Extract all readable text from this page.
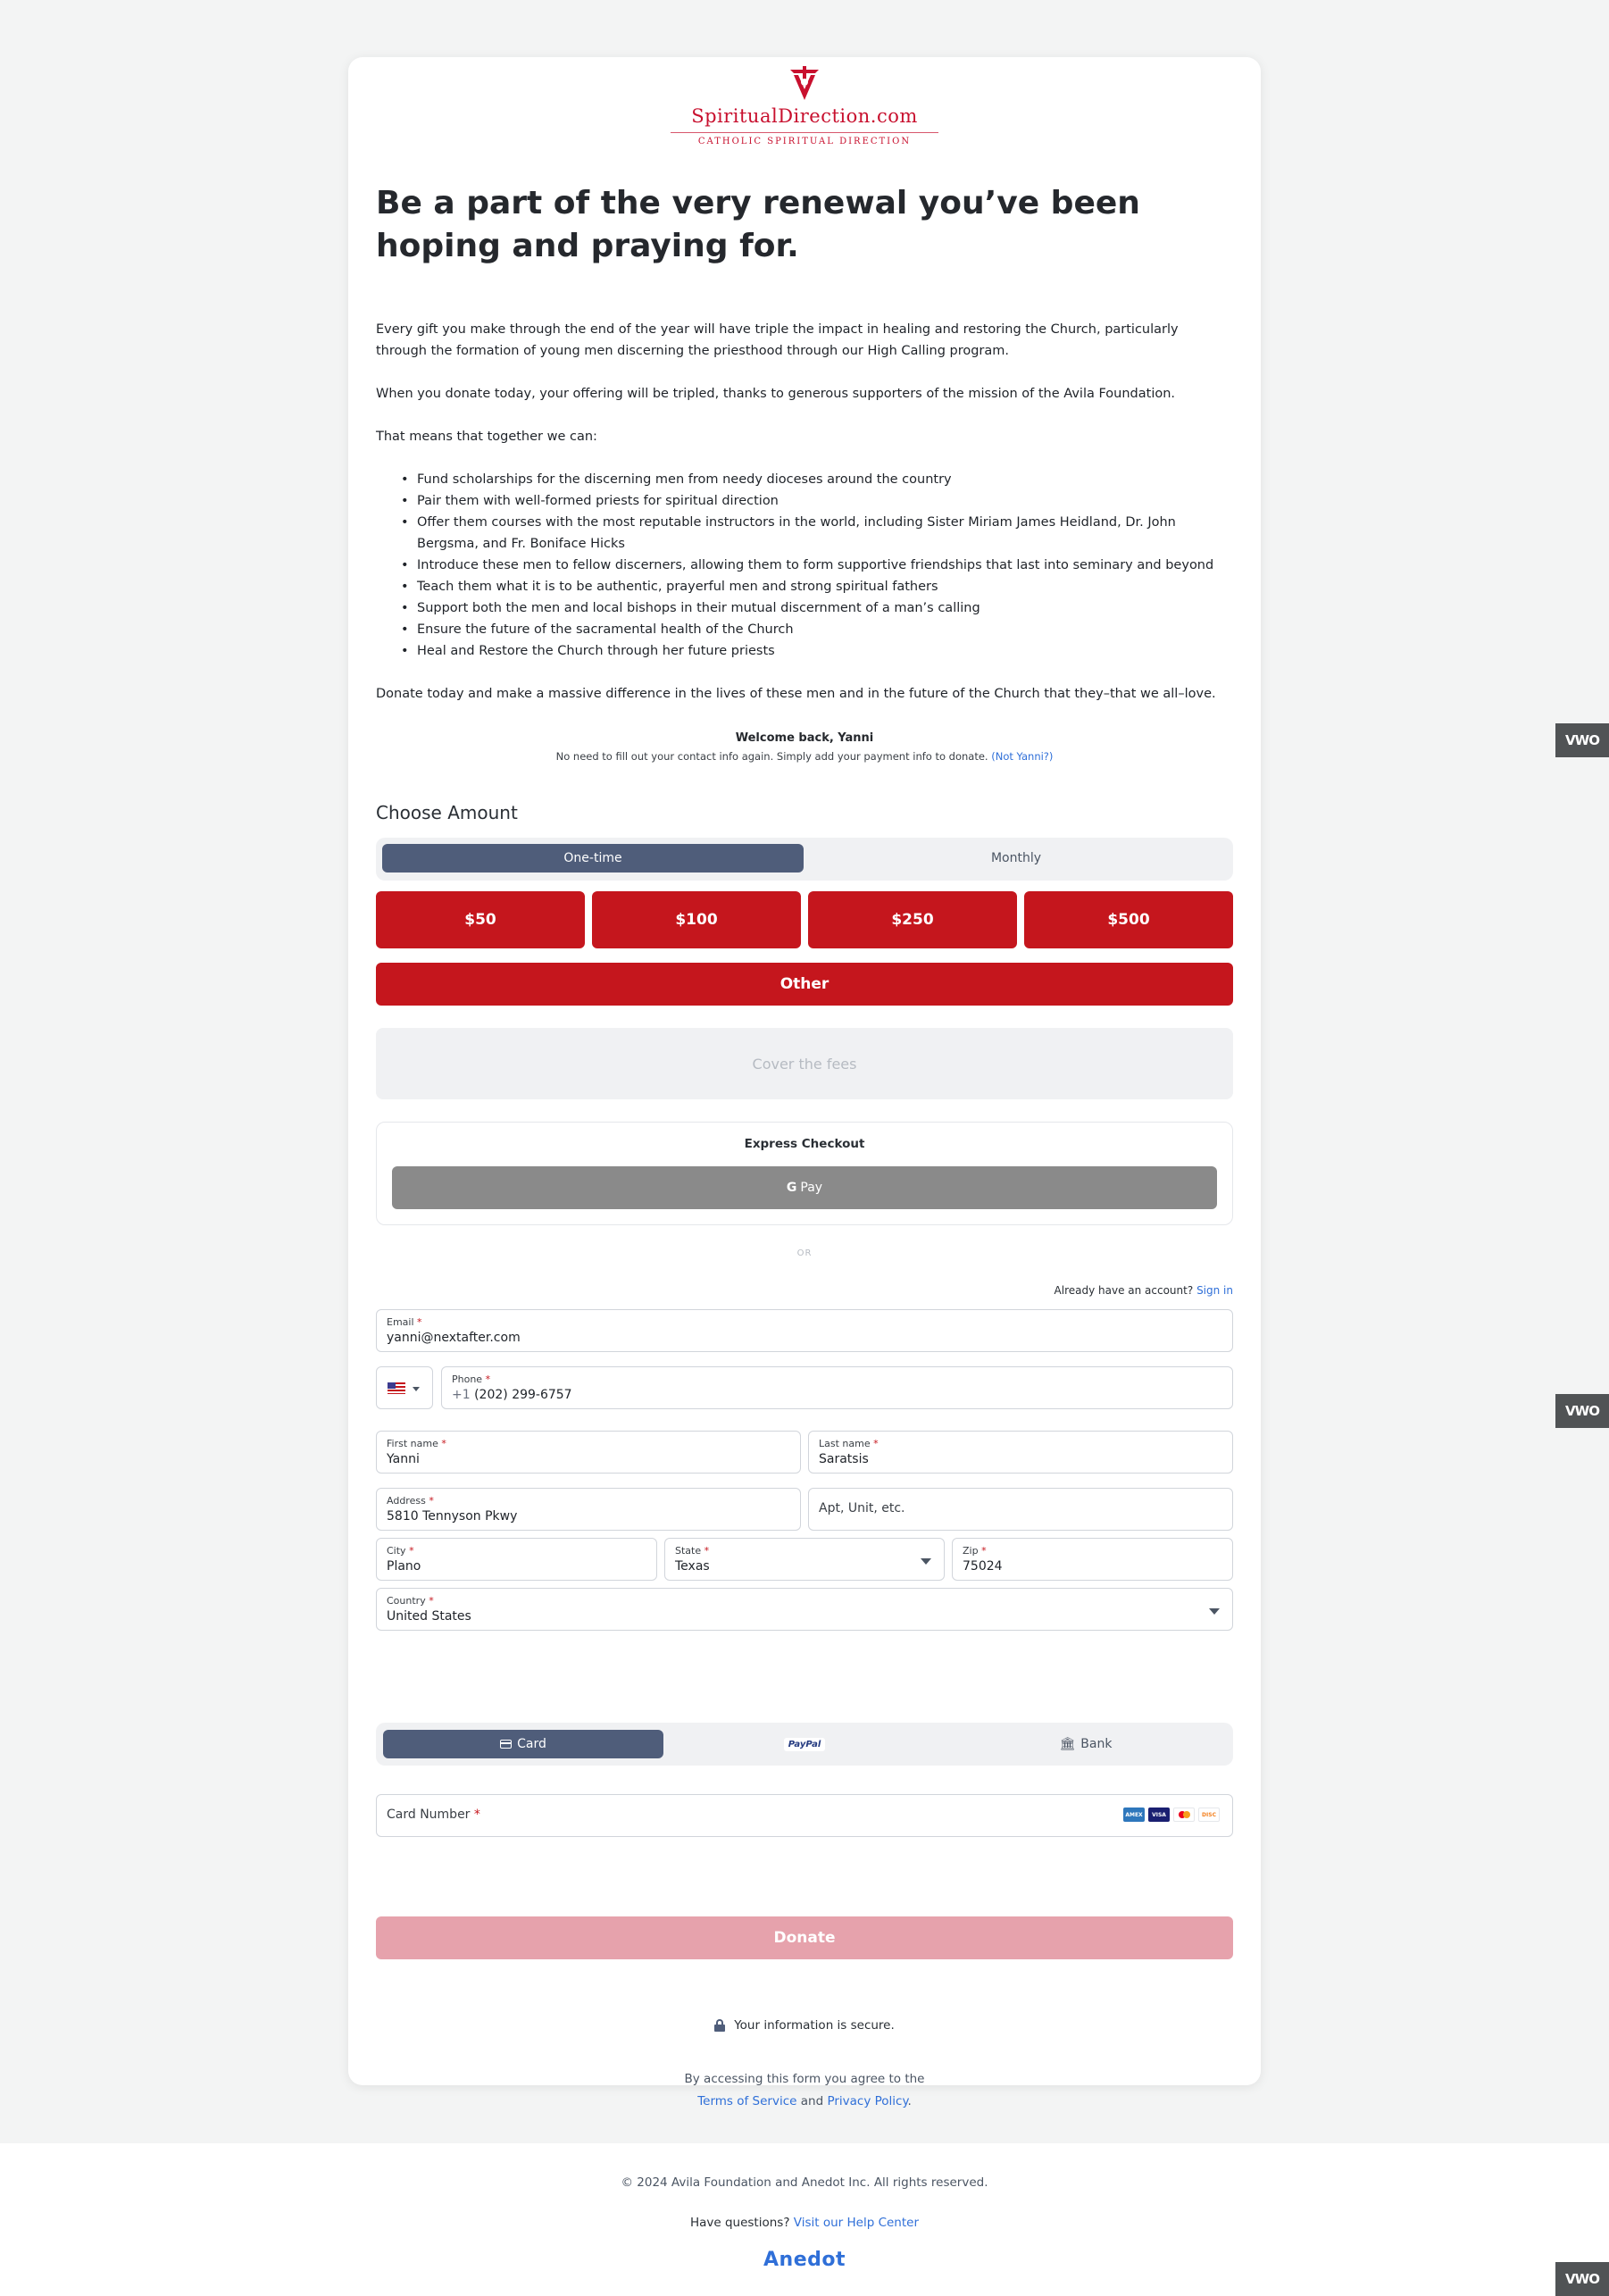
SpiritualDirection.com
CATHOLIC SPIRITUAL DIRECTION
Be a part of the very renewal you’ve been hoping and praying for.

Every gift you make through the end of the year will have triple the impact in healing and restoring the Church, particularly through the formation of young men discerning the priesthood through our High Calling program.

When you donate today, your offering will be tripled, thanks to generous supporters of the mission of the Avila Foundation.

That means that together we can:

• Fund scholarships for the discerning men from needy dioceses around the country
• Pair them with well-formed priests for spiritual direction
• Offer them courses with the most reputable instructors in the world, including Sister Miriam James Heidland, Dr. John Bergsma, and Fr. Boniface Hicks
• Introduce these men to fellow discerners, allowing them to form supportive friendships that last into seminary and beyond
• Teach them what it is to be authentic, prayerful men and strong spiritual fathers
• Support both the men and local bishops in their mutual discernment of a man’s calling
• Ensure the future of the sacramental health of the Church
• Heal and Restore the Church through her future priests

Donate today and make a massive difference in the lives of these men and in the future of the Church that they–that we all–love.

Welcome back, Yanni
No need to fill out your contact info again. Simply add your payment info to donate. (Not Yanni?)
Choose Amount
One-time	Monthly
$50	$100	$250	$500
Other
Cover the fees
Express Checkout
G Pay
OR
Already have an account? Sign in
Email *
yanni@nextafter.com
Phone *
+1 (202) 299-6757
First name *
Yanni
Last name *
Saratsis
Address *
5810 Tennyson Pkwy
Apt, Unit, etc.
City *
Plano
State *
Texas
Zip *
75024
Country *
United States
Card	PayPal	🏛 Bank
Card Number *	AMEX	VISA	DISC
Donate
Your information is secure.
By accessing this form you agree to the
Terms of Service and Privacy Policy.
© 2024 Avila Foundation and Anedot Inc. All rights reserved.
Have questions? Visit our Help Center
Anedot
VWO
VWO
VWO
